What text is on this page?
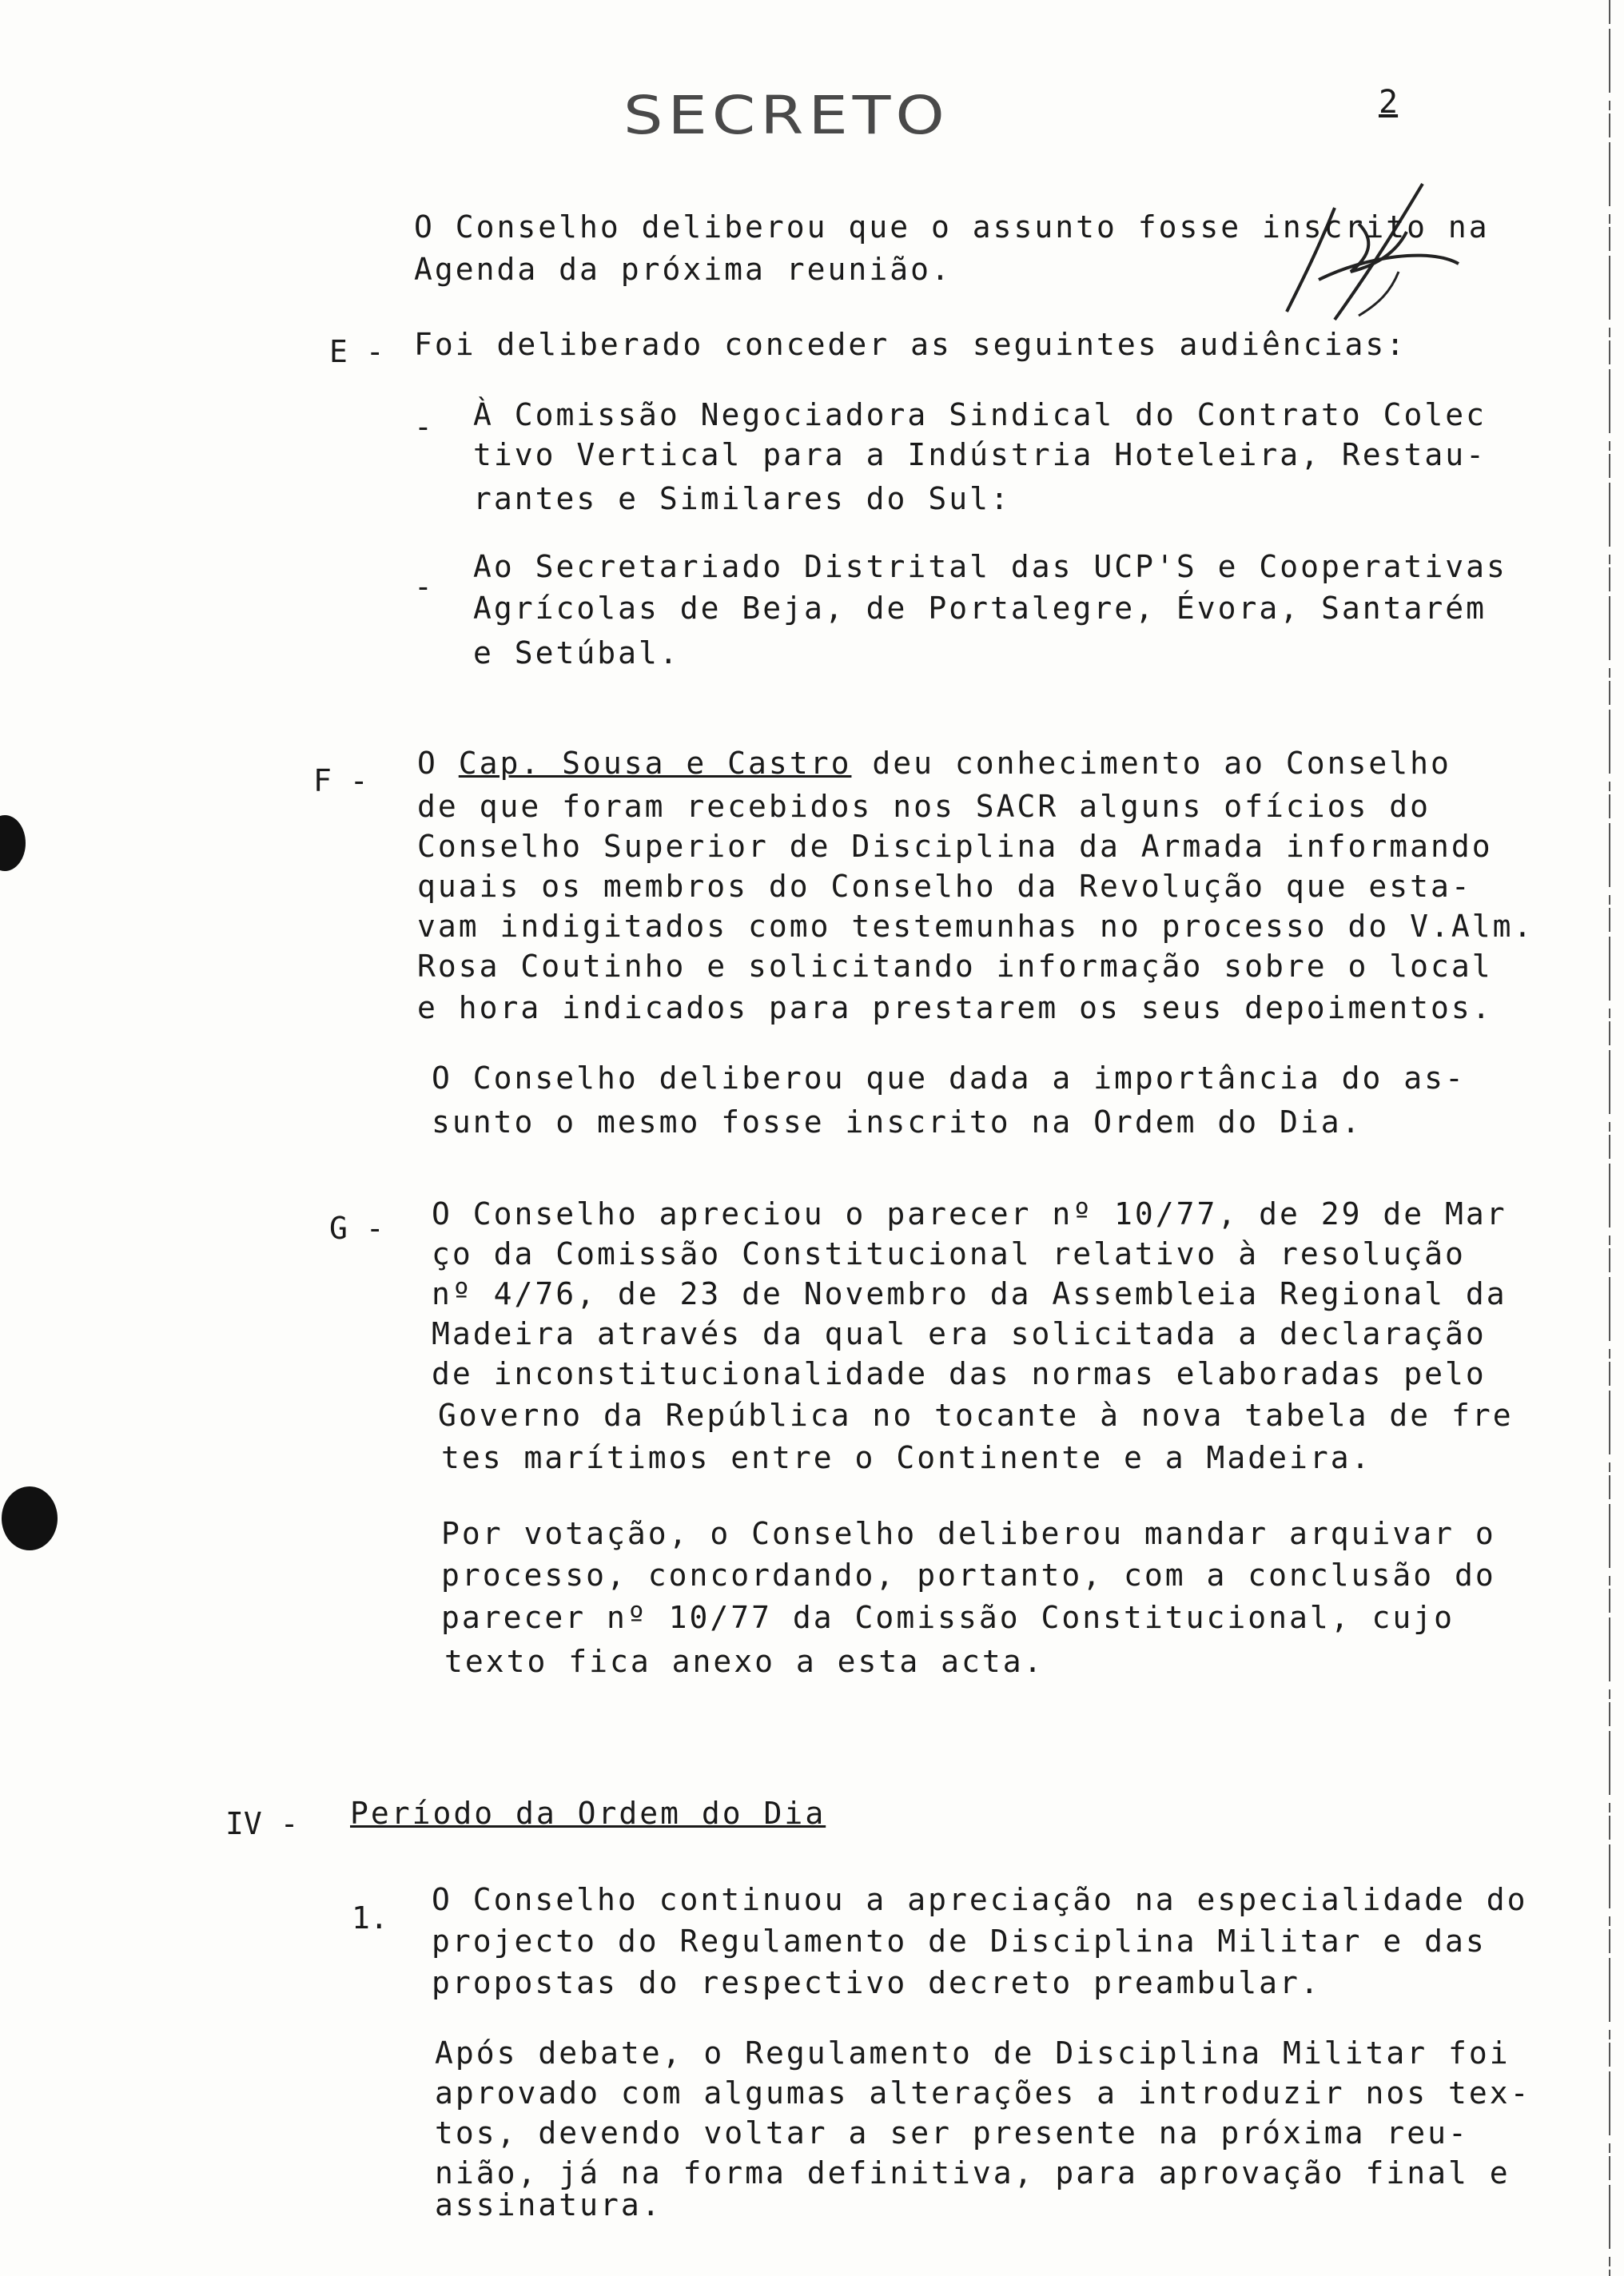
SECRETO	2
O Conselho deliberou que o assunto fosse inscrito na
Agenda da próxima reunião.
E - Foi deliberado conceder as seguintes audiências:
- À Comissão Negociadora Sindical do Contrato Colec
tivo Vertical para a Indústria Hoteleira, Restau-
rantes e Similares do Sul:
-
Ao Secretariado Distrital das UCP'S e Cooperativas
Agrícolas de Beja, de Portalegre, Évora, Santarém
e Setúbal.
F - O Cap. Sousa e Castro deu conhecimento ao Conselho
de que foram recebidos nos SACR alguns ofícios do
Conselho Superior de Disciplina da Armada informando
quais os membros do Conselho da Revolução que esta-
vam indigitados como testemunhas no processo do V.Alm.
Rosa Coutinho e solicitando informação sobre o local
e hora indicados para prestarem os seus depoimentos.
O Conselho deliberou que dada a importância do as-
sunto o mesmo fosse inscrito na Ordem do Dia.
G - O Conselho apreciou o parecer nº 10/77, de 29 de Mar
ço da Comissão Constitucional relativo à resolução
nº 4/76, de 23 de Novembro da Assembleia Regional da
Madeira através da qual era solicitada a declaração
de inconstitucionalidade das normas elaboradas pelo
Governo da República no tocante à nova tabela de fre
tes marítimos entre o Continente e a Madeira.
Por votação, o Conselho deliberou mandar arquivar o
processo, concordando, portanto, com a conclusão do
parecer nº 10/77 da Comissão Constitucional, cujo
texto fica anexo a esta acta.
IV - Período da Ordem do Dia
1.
O Conselho continuou a apreciação na especialidade do
projecto do Regulamento de Disciplina Militar e das
propostas do respectivo decreto preambular.
Após debate, o Regulamento de Disciplina Militar foi
aprovado com algumas alterações a introduzir nos tex-
tos, devendo voltar a ser presente na próxima reu-
nião, já na forma definitiva, para aprovação final e
assinatura.
